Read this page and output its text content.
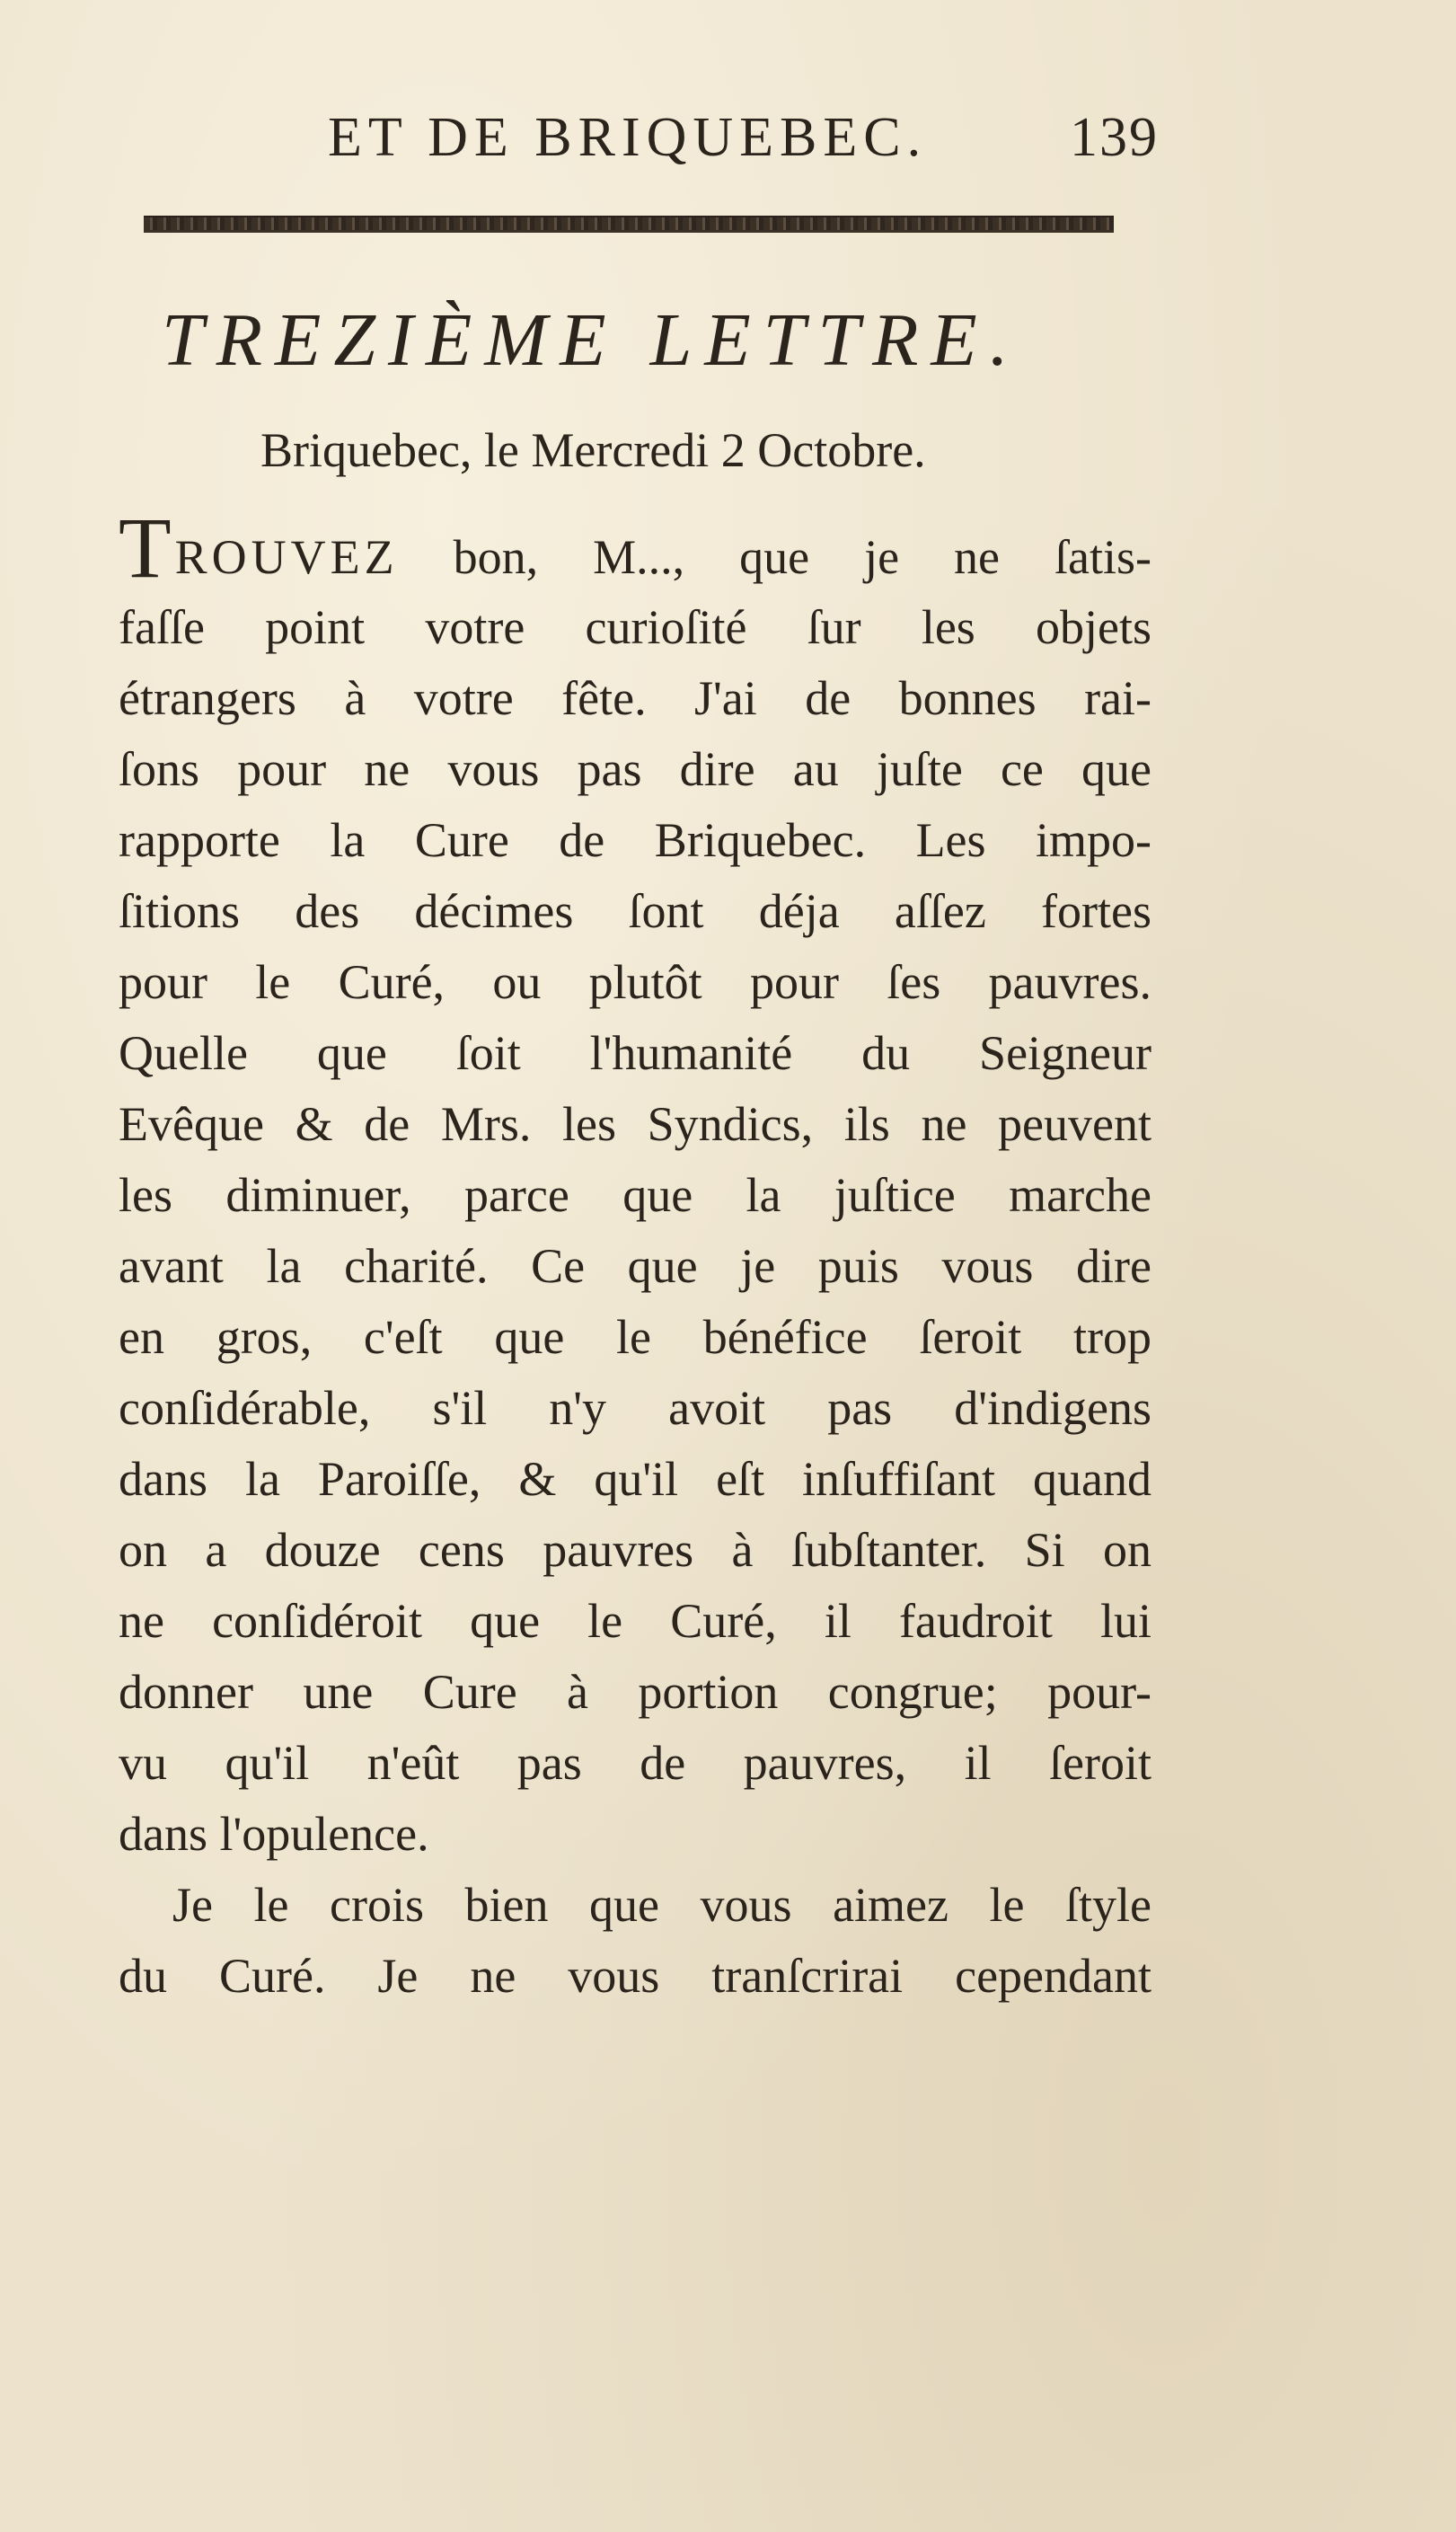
ET DE BRIQUEBEC.	139
TREZIÈME LETTRE.
Briquebec, le Mercredi 2 Octobre.
TROUVEZ bon, M..., que je ne ſatis-
faſſe point votre curioſité ſur les objets
étrangers à votre fête. J'ai de bonnes rai-
ſons pour ne vous pas dire au juſte ce que
rapporte la Cure de Briquebec. Les impo-
ſitions des décimes ſont déja aſſez fortes
pour le Curé, ou plutôt pour ſes pauvres.
Quelle que ſoit l'humanité du Seigneur
Evêque & de Mrs. les Syndics, ils ne peuvent
les diminuer, parce que la juſtice marche
avant la charité. Ce que je puis vous dire
en gros, c'eſt que le bénéfice ſeroit trop
conſidérable, s'il n'y avoit pas d'indigens
dans la Paroiſſe, & qu'il eſt inſuffiſant quand
on a douze cens pauvres à ſubſtanter. Si on
ne conſidéroit que le Curé, il faudroit lui
donner une Cure à portion congrue; pour-
vu qu'il n'eût pas de pauvres, il ſeroit
dans l'opulence.
Je le crois bien que vous aimez le ſtyle
du Curé. Je ne vous tranſcrirai cependant
